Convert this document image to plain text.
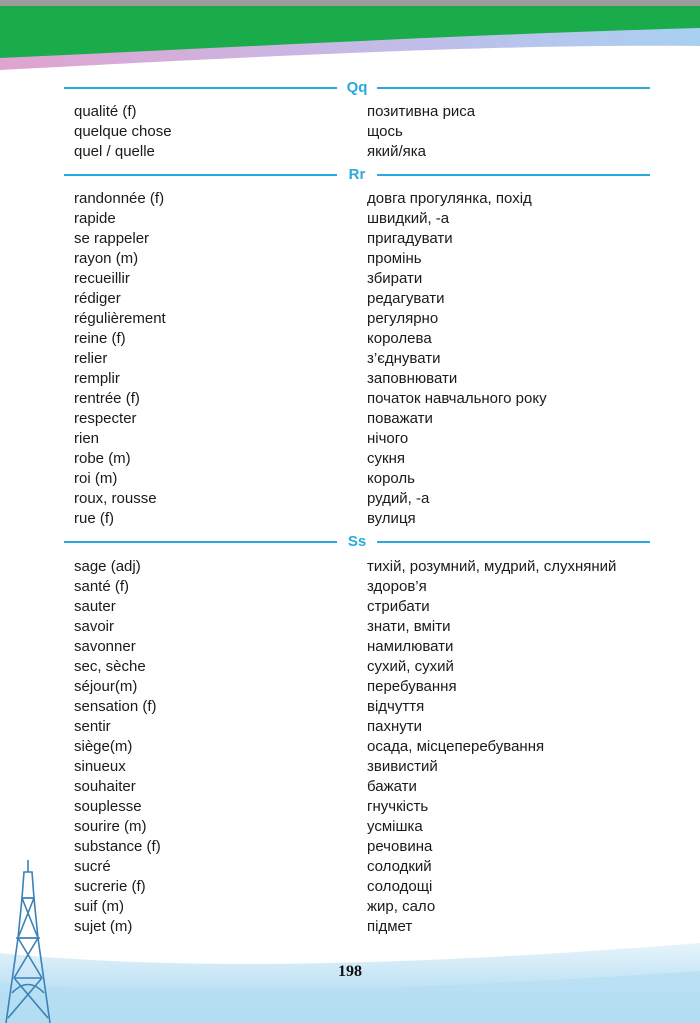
Qq
qualité (f)	позитивна риса
quelque chose	щось
quel / quelle	який/яка
Rr
randonnée (f)	довга прогулянка, похід
rapide	швидкий, -а
se rappeler	пригадувати
rayon (m)	промінь
recueillir	збирати
rédiger	редагувати
régulièrement	регулярно
reine (f)	королева
relier	з’єднувати
remplir	заповнювати
rentrée (f)	початок навчального року
respecter	поважати
rien	нічого
robe (m)	сукня
roi (m)	король
roux, rousse	рудий, -а
rue (f)	вулиця
Ss
sage (adj)	тихій, розумний, мудрий, слухняний
santé (f)	здоров’я
sauter	стрибати
savoir	знати, вміти
savonner	намилювати
sec, sèche	сухий, сухий
séjour(m)	перебування
sensation (f)	відчуття
sentir	пахнути
siège(m)	осада, місцеперебування
sinueux	звивистий
souhaiter	бажати
souplesse	гнучкість
sourire (m)	усмішка
substance (f)	речовина
sucré	солодкий
sucrerie (f)	солодощі
suif (m)	жир, сало
sujet (m)	підмет
198
